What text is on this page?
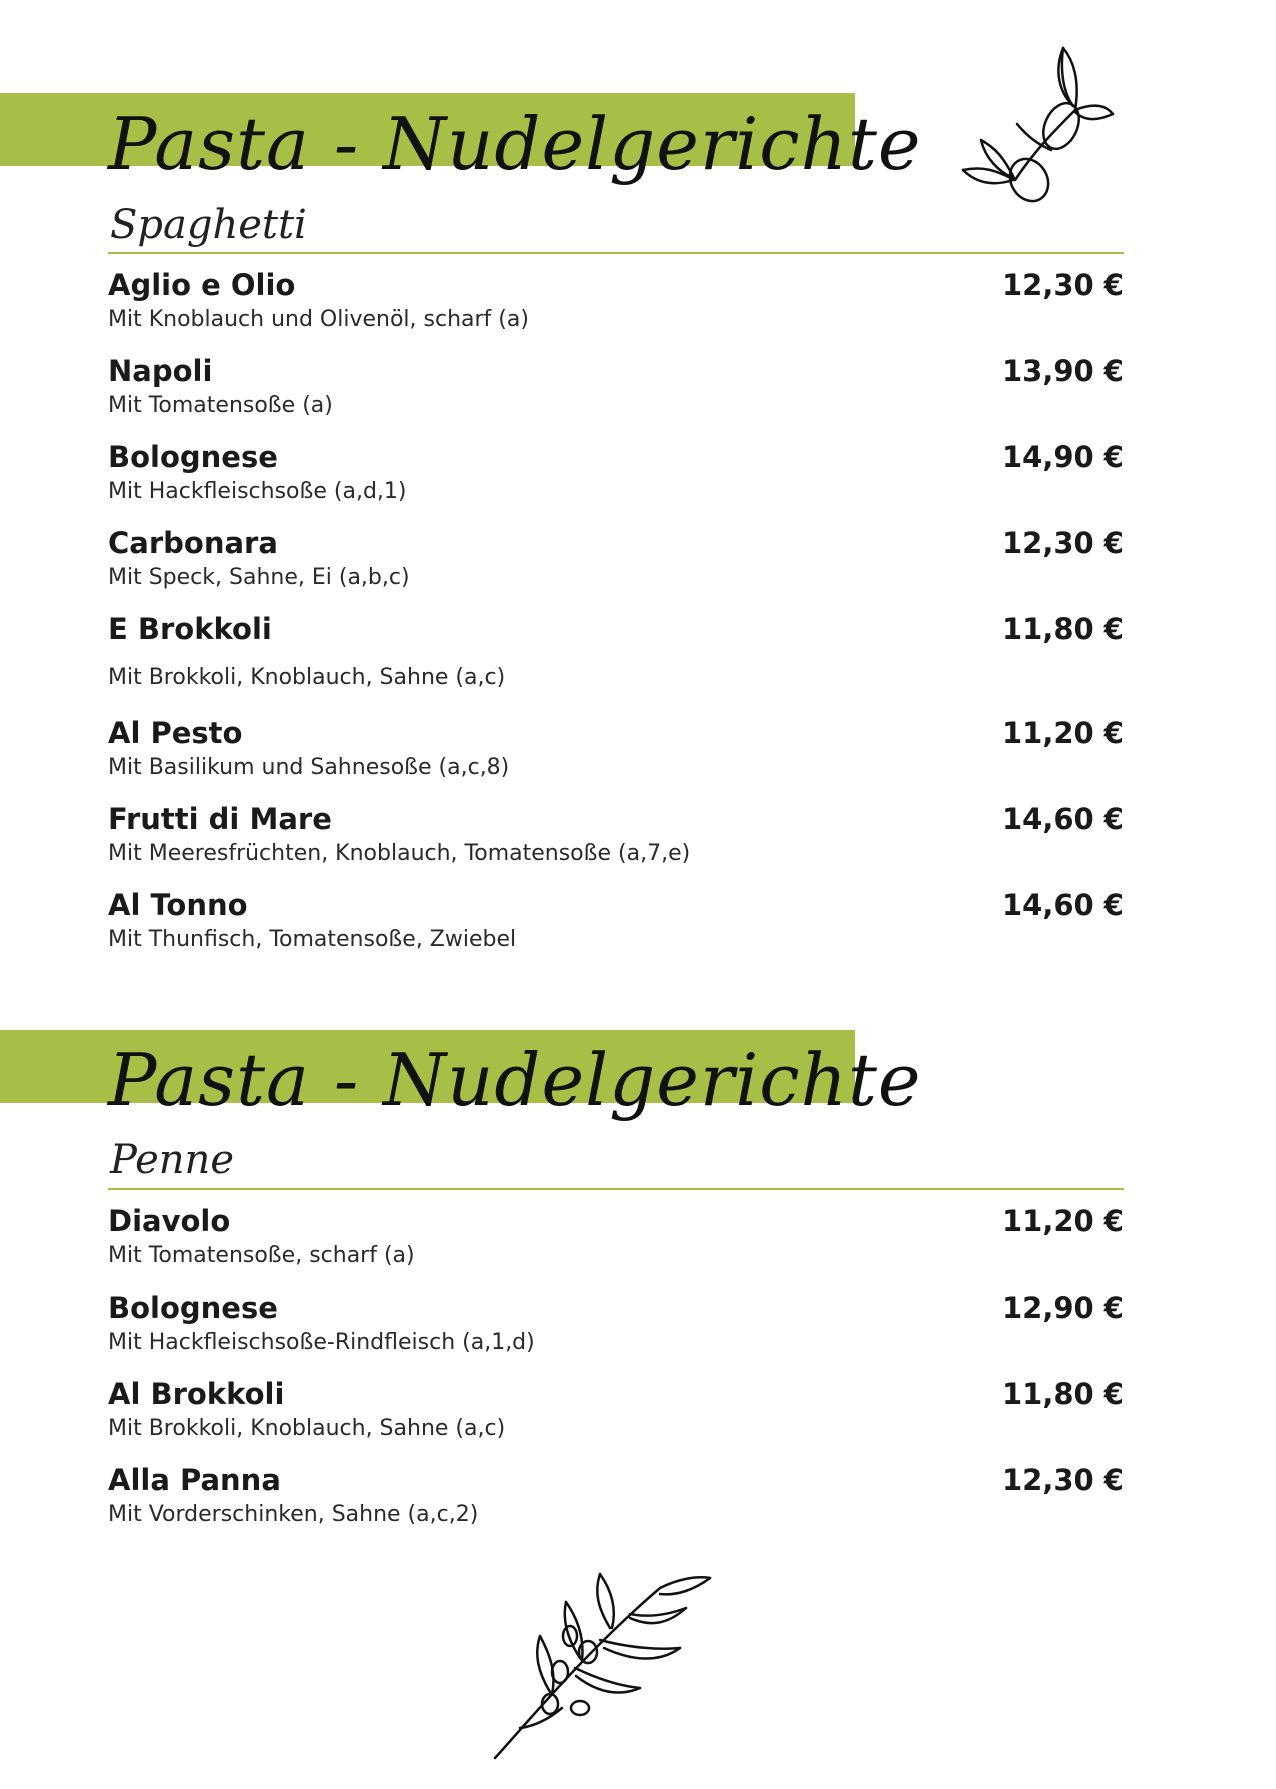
Pasta - Nudelgerichte
Spaghetti
Aglio e Olio
Mit Knoblauch und Olivenöl, scharf (a)
12,30 €
Napoli
Mit Tomatensoße (a)
13,90 €
Bolognese
Mit Hackfleischsoße (a,d,1)
14,90 €
Carbonara
Mit Speck, Sahne, Ei (a,b,c)
12,30 €
E Brokkoli
Mit Brokkoli, Knoblauch, Sahne (a,c)
11,80 €
Al Pesto
Mit Basilikum und Sahnesoße (a,c,8)
11,20 €
Frutti di Mare
Mit Meeresfrüchten, Knoblauch, Tomatensoße (a,7,e)
14,60 €
Al Tonno
Mit Thunfisch, Tomatensoße, Zwiebel
14,60 €
Pasta - Nudelgerichte
Penne
Diavolo
Mit Tomatensoße, scharf (a)
11,20 €
Bolognese
Mit Hackfleischsoße-Rindfleisch (a,1,d)
12,90 €
Al Brokkoli
Mit Brokkoli, Knoblauch, Sahne (a,c)
11,80 €
Alla Panna
Mit Vorderschinken, Sahne (a,c,2)
12,30 €
